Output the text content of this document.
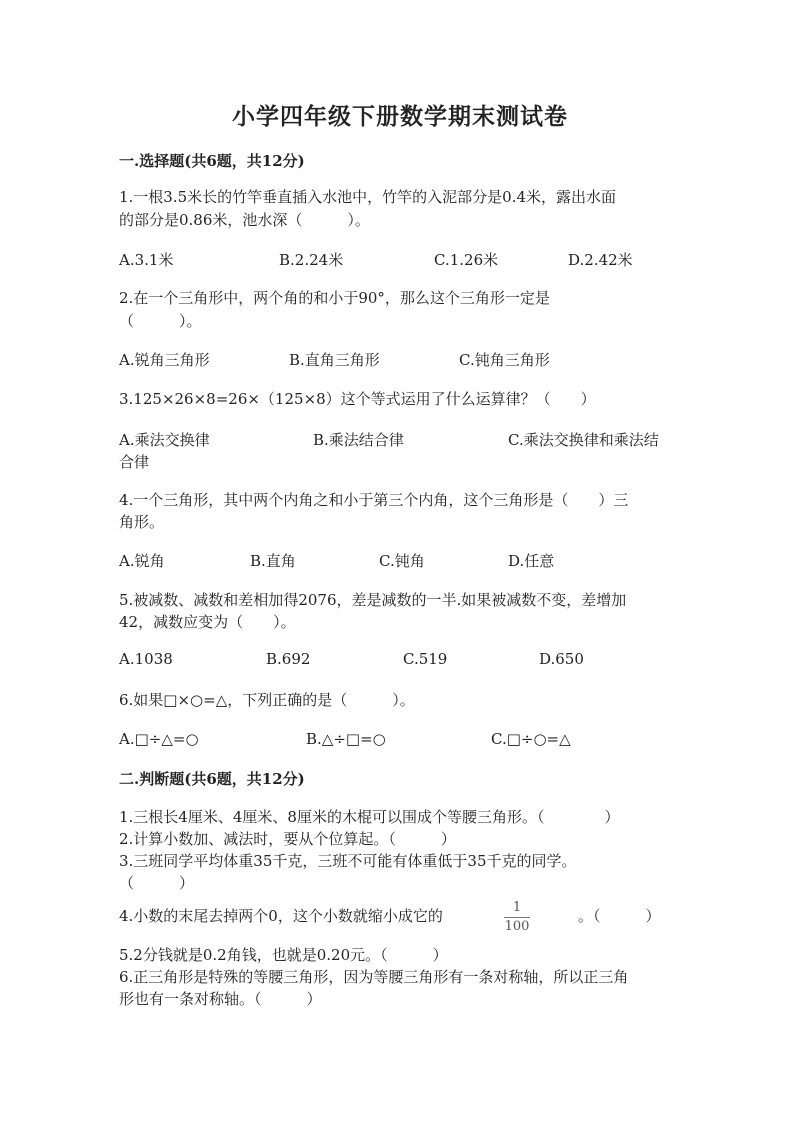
小学四年级下册数学期末测试卷
一.选择题(共6题，共12分)
1.一根3.5米长的竹竿垂直插入水池中，竹竿的入泥部分是0.4米，露出水面
的部分是0.86米，池水深（　　　）。
A.3.1米	B.2.24米	C.1.26米	D.2.42米
2.在一个三角形中，两个角的和小于90°，那么这个三角形一定是
（　　　）。
A.锐角三角形	B.直角三角形	C.钝角三角形
3.125×26×8=26×（125×8）这个等式运用了什么运算律？（　　）
A.乘法交换律	B.乘法结合律	C.乘法交换律和乘法结
合律
4.一个三角形，其中两个内角之和小于第三个内角，这个三角形是（　　）三
角形。
A.锐角	B.直角	C.钝角	D.任意
5.被减数、减数和差相加得2076，差是减数的一半.如果被减数不变，差增加
42，减数应变为（　　）。
A.1038	B.692	C.519	D.650
6.如果□×○=△，下列正确的是（　　　）。
A.□÷△=○	B.△÷□=○	C.□÷○=△
二.判断题(共6题，共12分)
1.三根长4厘米、4厘米、8厘米的木棍可以围成个等腰三角形。（　　　　）
2.计算小数加、减法时，要从个位算起。（　　　）
3.三班同学平均体重35千克，三班不可能有体重低于35千克的同学。
（　　　）
4.小数的末尾去掉两个0，这个小数就缩小成它的	1
100
。（　　　）
5.2分钱就是0.2角钱，也就是0.20元。（　　　）
6.正三角形是特殊的等腰三角形，因为等腰三角形有一条对称轴，所以正三角
形也有一条对称轴。（　　　）
